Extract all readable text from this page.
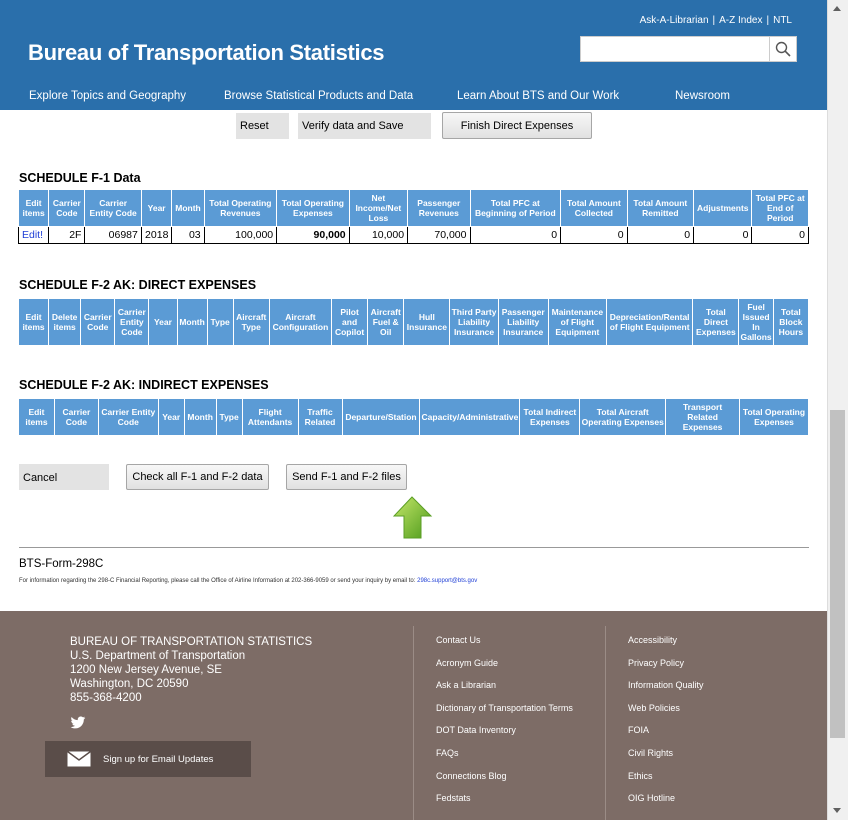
Ask-A-Librarian | A-Z Index | NTL
Bureau of Transportation Statistics
Explore Topics and Geography	Browse Statistical Products and Data	Learn About BTS and Our Work	Newsroom
Reset	Verify data and Save	Finish Direct Expenses
SCHEDULE F-1 Data
Edit items	Carrier Code	Carrier Entity Code	Year	Month	Total Operating Revenues	Total Operating Expenses	Net Income/Net Loss	Passenger Revenues	Total PFC at Beginning of Period	Total Amount Collected	Total Amount Remitted	Adjustments	Total PFC at End of Period
Edit!	2F	06987	2018	03	100,000	90,000	10,000	70,000	0	0	0	0	0
SCHEDULE F-2 AK: DIRECT EXPENSES
Edit items	Delete items	Carrier Code	Carrier Entity Code	Year	Month	Type	Aircraft Type	Aircraft Configuration	Pilot and Copilot	Aircraft Fuel & Oil	Hull Insurance	Third Party Liability Insurance	Passenger Liability Insurance	Maintenance of Flight Equipment	Depreciation/Rental of Flight Equipment	Total Direct Expenses	Fuel Issued In Gallons	Total Block Hours
SCHEDULE F-2 AK: INDIRECT EXPENSES
Edit items	Carrier Code	Carrier Entity Code	Year	Month	Type	Flight Attendants	Traffic Related	Departure/Station	Capacity/Administrative	Total Indirect Expenses	Total Aircraft Operating Expenses	Transport Related Expenses	Total Operating Expenses
Cancel	Check all F-1 and F-2 data	Send F-1 and F-2 files
BTS-Form-298C
For information regarding the 298-C Financial Reporting, please call the Office of Airline Information at 202-366-9059 or send your inquiry by email to: 298c.support@bts.gov
BUREAU OF TRANSPORTATION STATISTICS
U.S. Department of Transportation
1200 New Jersey Avenue, SE
Washington, DC 20590
855-368-4200
Sign up for Email Updates
Contact Us
Acronym Guide
Ask a Librarian
Dictionary of Transportation Terms
DOT Data Inventory
FAQs
Connections Blog
Fedstats
Accessibility
Privacy Policy
Information Quality
Web Policies
FOIA
Civil Rights
Ethics
OIG Hotline
